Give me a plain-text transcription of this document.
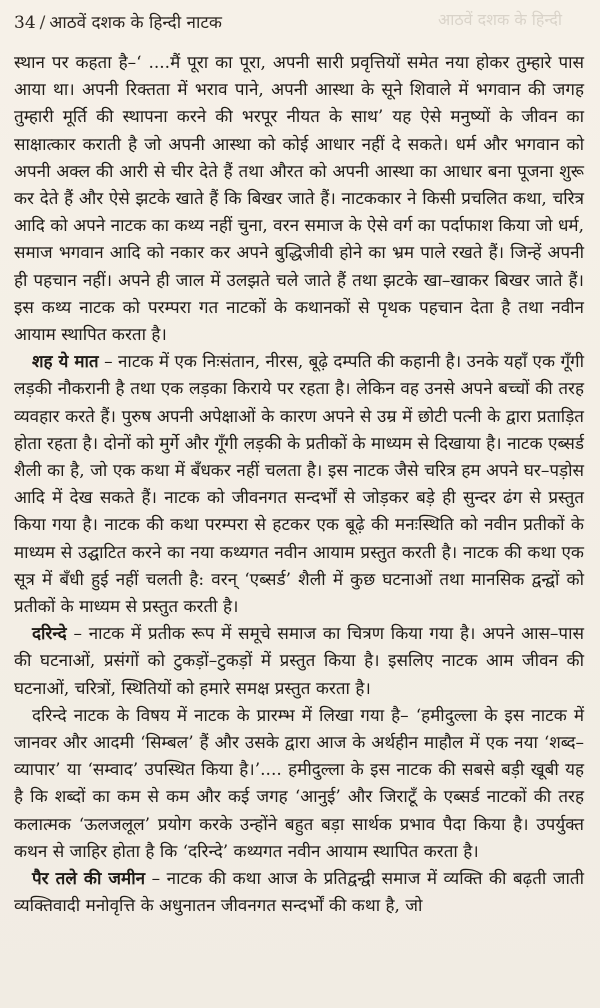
आठवें दशक के हिन्दी
34 / आठवें दशक के हिन्दी नाटक

स्थान पर कहता है–‘ ....मैं पूरा का पूरा, अपनी सारी प्रवृत्तियों समेत नया होकर तुम्हारे पास आया था। अपनी रिक्तता में भराव पाने, अपनी आस्था के सूने शिवाले में भगवान की जगह तुम्हारी मूर्ति की स्थापना करने की भरपूर नीयत के साथ’ यह ऐसे मनुष्यों के जीवन का साक्षात्कार कराती है जो अपनी आस्था को कोई आधार नहीं दे सकते। धर्म और भगवान को अपनी अक्ल की आरी से चीर देते हैं तथा औरत को अपनी आस्था का आधार बना पूजना शुरू कर देते हैं और ऐसे झटके खाते हैं कि बिखर जाते हैं। नाटककार ने किसी प्रचलित कथा, चरित्र आदि को अपने नाटक का कथ्य नहीं चुना, वरन समाज के ऐसे वर्ग का पर्दाफाश किया जो धर्म, समाज भगवान आदि को नकार कर अपने बुद्धिजीवी होने का भ्रम पाले रखते हैं। जिन्हें अपनी ही पहचान नहीं। अपने ही जाल में उलझते चले जाते हैं तथा झटके खा–खाकर बिखर जाते हैं। इस कथ्य नाटक को परम्परा गत नाटकों के कथानकों से पृथक पहचान देता है तथा नवीन आयाम स्थापित करता है।

शह ये मात – नाटक में एक निःसंतान, नीरस, बूढ़े दम्पति की कहानी है। उनके यहाँ एक गूँगी लड़की नौकरानी है तथा एक लड़का किराये पर रहता है। लेकिन वह उनसे अपने बच्चों की तरह व्यवहार करते हैं। पुरुष अपनी अपेक्षाओं के कारण अपने से उम्र में छोटी पत्नी के द्वारा प्रताड़ित होता रहता है। दोनों को मुर्गे और गूँगी लड़की के प्रतीकों के माध्यम से दिखाया है। नाटक एब्सर्ड शैली का है, जो एक कथा में बँधकर नहीं चलता है। इस नाटक जैसे चरित्र हम अपने घर–पड़ोस आदि में देख सकते हैं। नाटक को जीवनगत सन्दर्भों से जोड़कर बड़े ही सुन्दर ढंग से प्रस्तुत किया गया है। नाटक की कथा परम्परा से हटकर एक बूढ़े की मनःस्थिति को नवीन प्रतीकों के माध्यम से उद्घाटित करने का नया कथ्यगत नवीन आयाम प्रस्तुत करती है। नाटक की कथा एक सूत्र में बँधी हुई नहीं चलती है: वरन् ‘एब्सर्ड’ शैली में कुछ घटनाओं तथा मानसिक द्वन्द्वों को प्रतीकों के माध्यम से प्रस्तुत करती है।

दरिन्दे – नाटक में प्रतीक रूप में समूचे समाज का चित्रण किया गया है। अपने आस–पास की घटनाओं, प्रसंगों को टुकड़ों–टुकड़ों में प्रस्तुत किया है। इसलिए नाटक आम जीवन की घटनाओं, चरित्रों, स्थितियों को हमारे समक्ष प्रस्तुत करता है।

दरिन्दे नाटक के विषय में नाटक के प्रारम्भ में लिखा गया है– ‘हमीदुल्ला के इस नाटक में जानवर और आदमी ‘सिम्बल’ हैं और उसके द्वारा आज के अर्थहीन माहौल में एक नया ‘शब्द–व्यापार’ या ‘सम्वाद’ उपस्थित किया है।’.... हमीदुल्ला के इस नाटक की सबसे बड़ी खूबी यह है कि शब्दों का कम से कम और कई जगह ‘आनुई’ और जिराटूँ के एब्सर्ड नाटकों की तरह कलात्मक ‘ऊलजलूल’ प्रयोग करके उन्होंने बहुत बड़ा सार्थक प्रभाव पैदा किया है। उपर्युक्त कथन से जाहिर होता है कि ‘दरिन्दे’ कथ्यगत नवीन आयाम स्थापित करता है।

पैर तले की जमीन – नाटक की कथा आज के प्रतिद्वन्द्वी समाज में व्यक्ति की बढ़ती जाती व्यक्तिवादी मनोवृत्ति के अधुनातन जीवनगत सन्दर्भों की कथा है, जो
